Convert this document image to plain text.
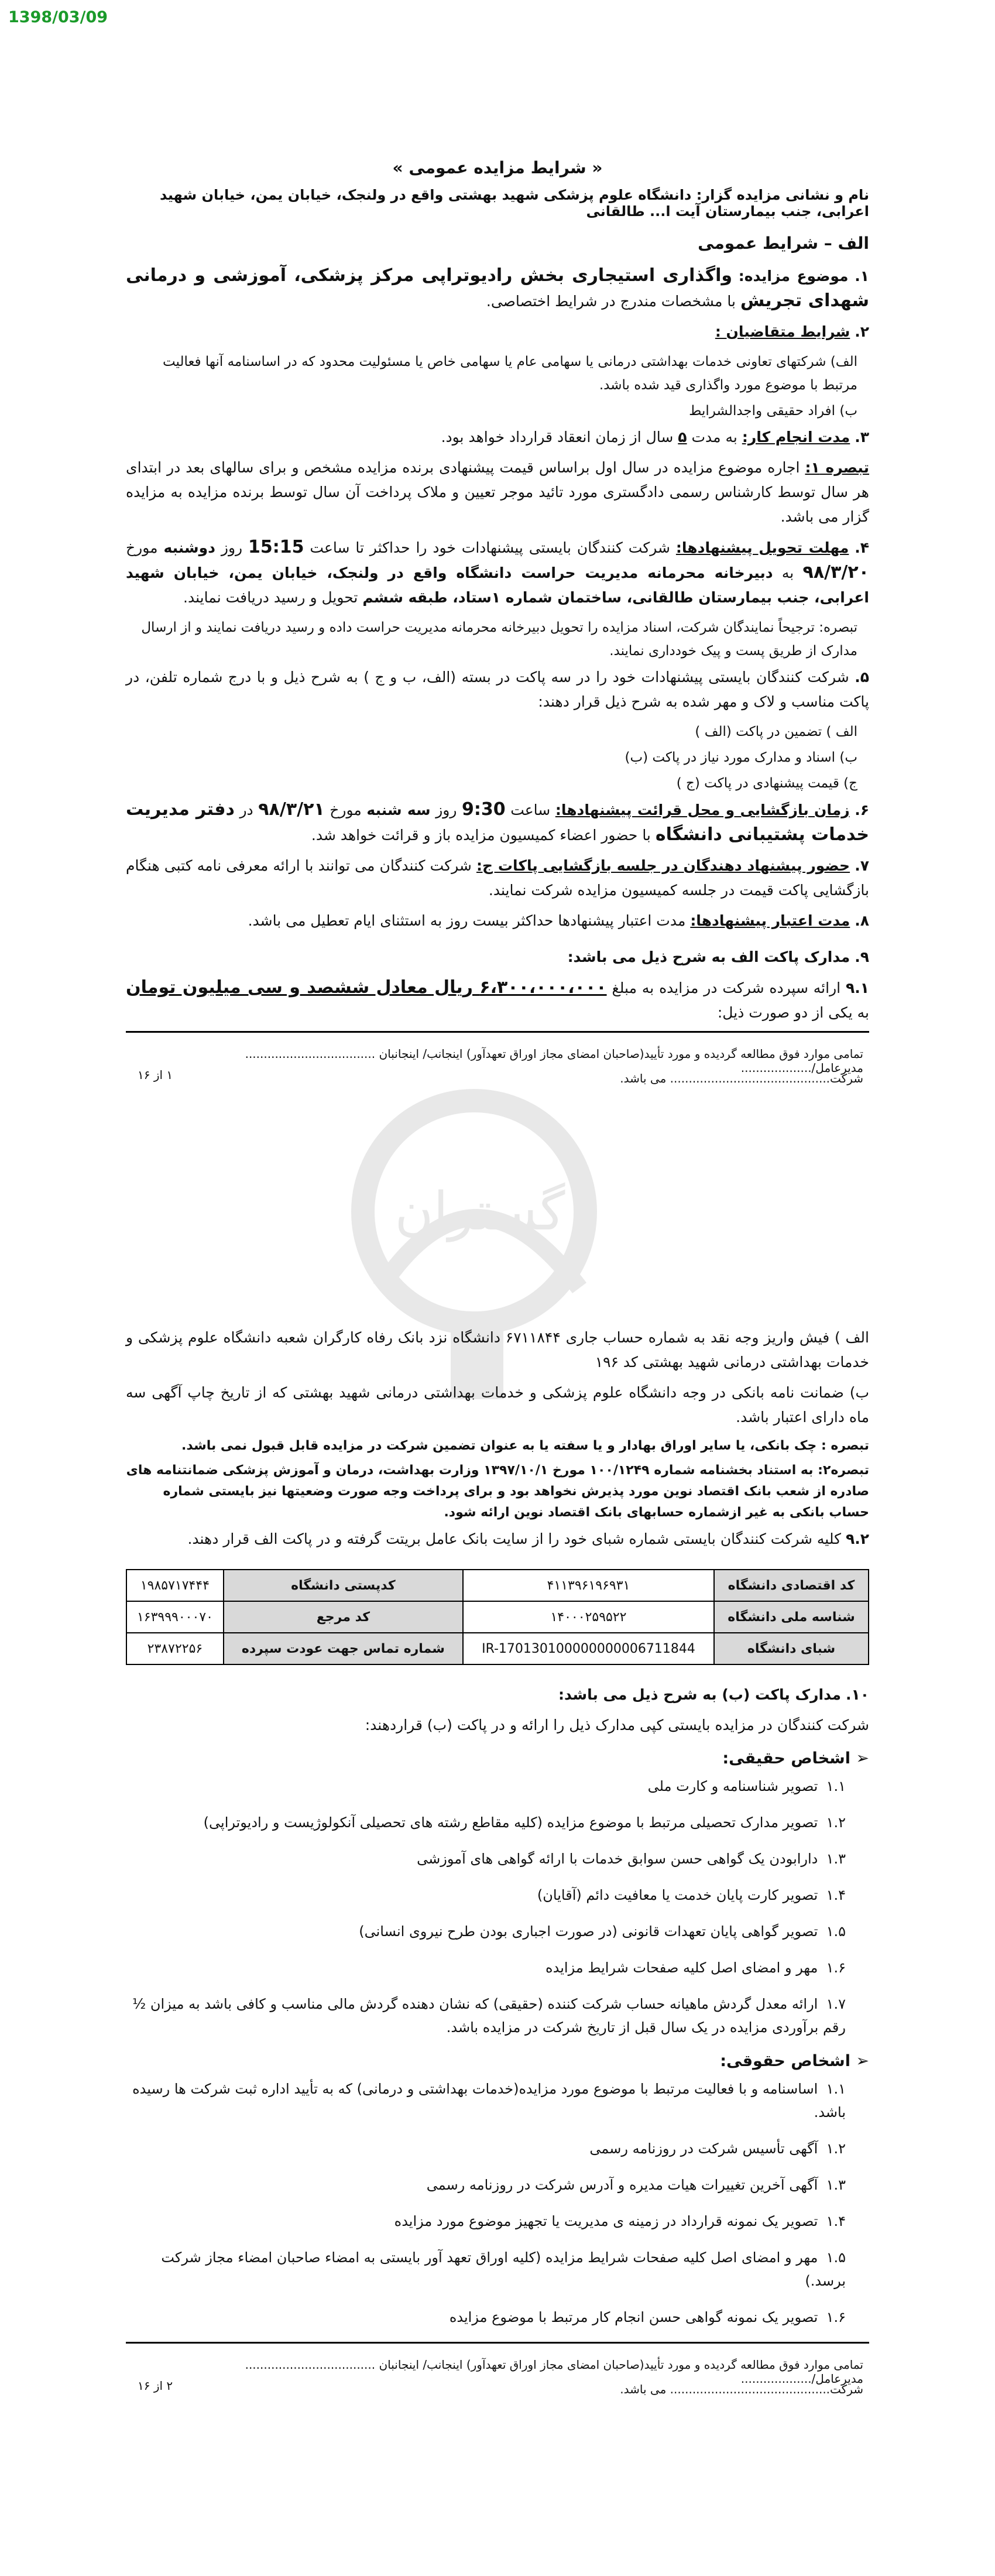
1398/03/09
گستران
« شرایط مزایده عمومی »
نام و نشانی مزایده گزار: دانشگاه علوم پزشکی شهید بهشتی واقع در ولنجک، خیابان یمن، خیابان شهید اعرابی، جنب بیمارستان آیت ا... طالقانی
الف – شرایط عمومی

۱. موضوع مزایده: واگذاری استیجاری بخش رادیوتراپی مرکز پزشکی، آموزشی و درمانی شهدای تجریش با مشخصات مندرج در شرایط اختصاصی.

۲. شرایط متقاضیان :

الف) شرکتهای تعاونی خدمات بهداشتی درمانی یا سهامی عام یا سهامی خاص یا مسئولیت محدود که در اساسنامه آنها فعالیت مرتبط با موضوع مورد واگذاری قید شده باشد.

ب) افراد حقیقی واجدالشرایط

۳. مدت انجام کار: به مدت ۵ سال از زمان انعقاد قرارداد خواهد بود.

تبصره ۱: اجاره موضوع مزایده در سال اول براساس قیمت پیشنهادی برنده مزایده مشخص و برای سالهای بعد در ابتدای هر سال توسط کارشناس رسمی دادگستری مورد تائید موجر تعیین و ملاک پرداخت آن سال توسط برنده مزایده به مزایده گزار می باشد.

۴. مهلت تحویل پیشنهادها: شرکت کنندگان بایستی پیشنهادات خود را حداکثر تا ساعت 15:15 روز دوشنبه مورخ ۹۸/۳/۲۰ به دبیرخانه محرمانه مدیریت حراست دانشگاه واقع در ولنجک، خیابان یمن، خیابان شهید اعرابی، جنب بیمارستان طالقانی، ساختمان شماره ۱ستاد، طبقه ششم تحویل و رسید دریافت نمایند.

تبصره: ترجیحاً نمایندگان شرکت، اسناد مزایده را تحویل دبیرخانه محرمانه مدیریت حراست داده و رسید دریافت نمایند و از ارسال مدارک از طریق پست و پیک خودداری نمایند.

۵. شرکت کنندگان بایستی پیشنهادات خود را در سه پاکت در بسته (الف، ب و ج ) به شرح ذیل و با درج شماره تلفن، در پاکت مناسب و لاک و مهر شده به شرح ذیل قرار دهند:

الف ) تضمین در پاکت (الف )

ب) اسناد و مدارک مورد نیاز در پاکت (ب)

ج) قیمت پیشنهادی در پاکت (ج )

۶. زمان بازگشایی و محل قرائت پیشنهادها: ساعت 9:30 روز سه شنبه مورخ ۹۸/۳/۲۱ در دفتر مدیریت خدمات پشتیبانی دانشگاه با حضور اعضاء کمیسیون مزایده باز و قرائت خواهد شد.

۷. حضور پیشنهاد دهندگان در جلسه بازگشایی پاکات ج: شرکت کنندگان می توانند با ارائه معرفی نامه کتبی هنگام بازگشایی پاکت قیمت در جلسه کمیسیون مزایده شرکت نمایند.

۸. مدت اعتبار پیشنهادها: مدت اعتبار پیشنهادها حداکثر بیست روز به استثنای ایام تعطیل می باشد.

۹. مدارک پاکت الف به شرح ذیل می باشد:

۹.۱ ارائه سپرده شرکت در مزایده به مبلغ ۶،۳۰۰،۰۰۰،۰۰۰ ریال معادل ششصد و سی میلیون تومان به یکی از دو صورت ذیل:

تمامی موارد فوق مطالعه گردیده و مورد تأیید(صاحبان امضای مجاز اوراق تعهدآور) اینجانب/ اینجانبان ................................... مدیرعامل/...................
شرکت........................................... می باشد.
۱ از ۱۶

الف ) فیش واریز وجه نقد به شماره حساب جاری ۶۷۱۱۸۴۴ دانشگاه نزد بانک رفاه کارگران شعبه دانشگاه علوم پزشکی و خدمات بهداشتی درمانی شهید بهشتی کد ۱۹۶

ب) ضمانت نامه بانکی در وجه دانشگاه علوم پزشکی و خدمات بهداشتی درمانی شهید بهشتی که از تاریخ چاپ آگهی سه ماه دارای اعتبار باشد.

تبصره : چک بانکی، یا سایر اوراق بهادار و یا سفته یا به عنوان تضمین شرکت در مزایده قابل قبول نمی باشد.

تبصره۲: به استناد بخشنامه شماره ۱۰۰/۱۲۴۹ مورخ ۱۳۹۷/۱۰/۱ وزارت بهداشت، درمان و آموزش پزشکی ضمانتنامه های صادره از شعب بانک اقتصاد نوین مورد پذیرش نخواهد بود و برای پرداخت وجه صورت وضعیتها نیز بایستی شماره حساب بانکی به غیر ازشماره حسابهای بانک اقتصاد نوین ارائه شود.

۹.۲ کلیه شرکت کنندگان بایستی شماره شبای خود را از سایت بانک عامل بریتت گرفته و در پاکت الف قرار دهند.

کد اقتصادی دانشگاه	۴۱۱۳۹۶۱۹۶۹۳۱	کدپستی دانشگاه	۱۹۸۵۷۱۷۴۴۴
شناسه ملی دانشگاه	۱۴۰۰۰۲۵۹۵۲۲	کد مرجع	۱۶۳۹۹۹۰۰۰۷۰
شبای دانشگاه	IR-170130100000000006711844	شماره تماس جهت عودت سپرده	۲۳۸۷۲۲۵۶

۱۰. مدارک پاکت (ب) به شرح ذیل می باشد:

شرکت کنندگان در مزایده بایستی کپی مدارک ذیل را ارائه و در پاکت (ب) قراردهند:

➢ اشخاص حقیقی:
۱.۱ تصویر شناسنامه و کارت ملی
۱.۲ تصویر مدارک تحصیلی مرتبط با موضوع مزایده (کلیه مقاطع رشته های تحصیلی آنکولوژیست و رادیوتراپی)
۱.۳ دارابودن یک گواهی حسن سوابق خدمات با ارائه گواهی های آموزشی
۱.۴ تصویر کارت پایان خدمت یا معافیت دائم (آقایان)
۱.۵ تصویر گواهی پایان تعهدات قانونی (در صورت اجباری بودن طرح نیروی انسانی)
۱.۶ مهر و امضای اصل کلیه صفحات شرایط مزایده
۱.۷ ارائه معدل گردش ماهیانه حساب شرکت کننده (حقیقی) که نشان دهنده گردش مالی مناسب و کافی باشد به میزان ½ رقم برآوردی مزایده در یک سال قبل از تاریخ شرکت در مزایده باشد.
➢ اشخاص حقوقی:
۱.۱ اساسنامه و با فعالیت مرتبط با موضوع مورد مزایده(خدمات بهداشتی و درمانی) که به تأیید اداره ثبت شرکت ها رسیده باشد.
۱.۲ آگهی تأسیس شرکت در روزنامه رسمی
۱.۳ آگهی آخرین تغییرات هیات مدیره و آدرس شرکت در روزنامه رسمی
۱.۴ تصویر یک نمونه قرارداد در زمینه ی مدیریت یا تجهیز موضوع مورد مزایده
۱.۵ مهر و امضای اصل کلیه صفحات شرایط مزایده (کلیه اوراق تعهد آور بایستی به امضاء صاحبان امضاء مجاز شرکت برسد.)
۱.۶ تصویر یک نمونه گواهی حسن انجام کار مرتبط با موضوع مزایده
تمامی موارد فوق مطالعه گردیده و مورد تأیید(صاحبان امضای مجاز اوراق تعهدآور) اینجانب/ اینجانبان ................................... مدیرعامل/...................
شرکت........................................... می باشد.
۲ از ۱۶
